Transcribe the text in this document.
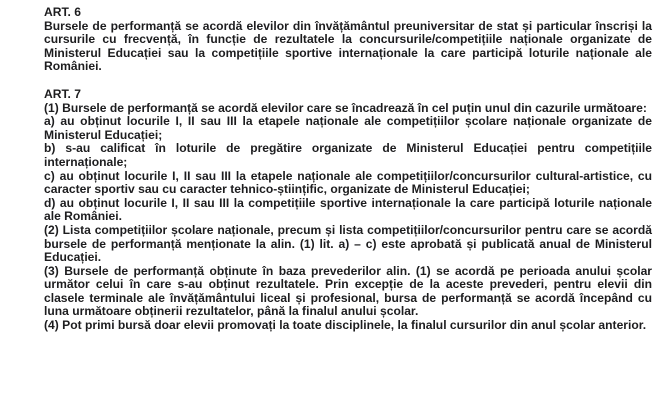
ART. 6

Bursele de performanță se acordă elevilor din învățământul preuniversitar de stat și particular înscriși la cursurile cu frecvență, în funcție de rezultatele la concursurile/competițiile naționale organizate de Ministerul Educației sau la competițiile sportive internaționale la care participă loturile naționale ale României.

ART. 7

(1) Bursele de performanță se acordă elevilor care se încadrează în cel puțin unul din cazurile următoare:

a) au obținut locurile I, II sau III la etapele naționale ale competițiilor școlare naționale organizate de Ministerul Educației;

b) s-au calificat în loturile de pregătire organizate de Ministerul Educației pentru competițiile internaționale;

c) au obținut locurile I, II sau III la etapele naționale ale competițiilor/concursurilor cultural-artistice, cu caracter sportiv sau cu caracter tehnico-științific, organizate de Ministerul Educației;

d) au obținut locurile I, II sau III la competițiile sportive internaționale la care participă loturile naționale ale României.

(2) Lista competițiilor școlare naționale, precum și lista competițiilor/concursurilor pentru care se acordă bursele de performanță menționate la alin. (1) lit. a) – c) este aprobată și publicată anual de Ministerul Educației.

(3) Bursele de performanță obținute în baza prevederilor alin. (1) se acordă pe perioada anului școlar următor celui în care s-au obținut rezultatele. Prin excepție de la aceste prevederi, pentru elevii din clasele terminale ale învățământului liceal și profesional, bursa de performanță se acordă începând cu luna următoare obținerii rezultatelor, până la finalul anului școlar.

(4) Pot primi bursă doar elevii promovați la toate disciplinele, la finalul cursurilor din anul școlar anterior.
